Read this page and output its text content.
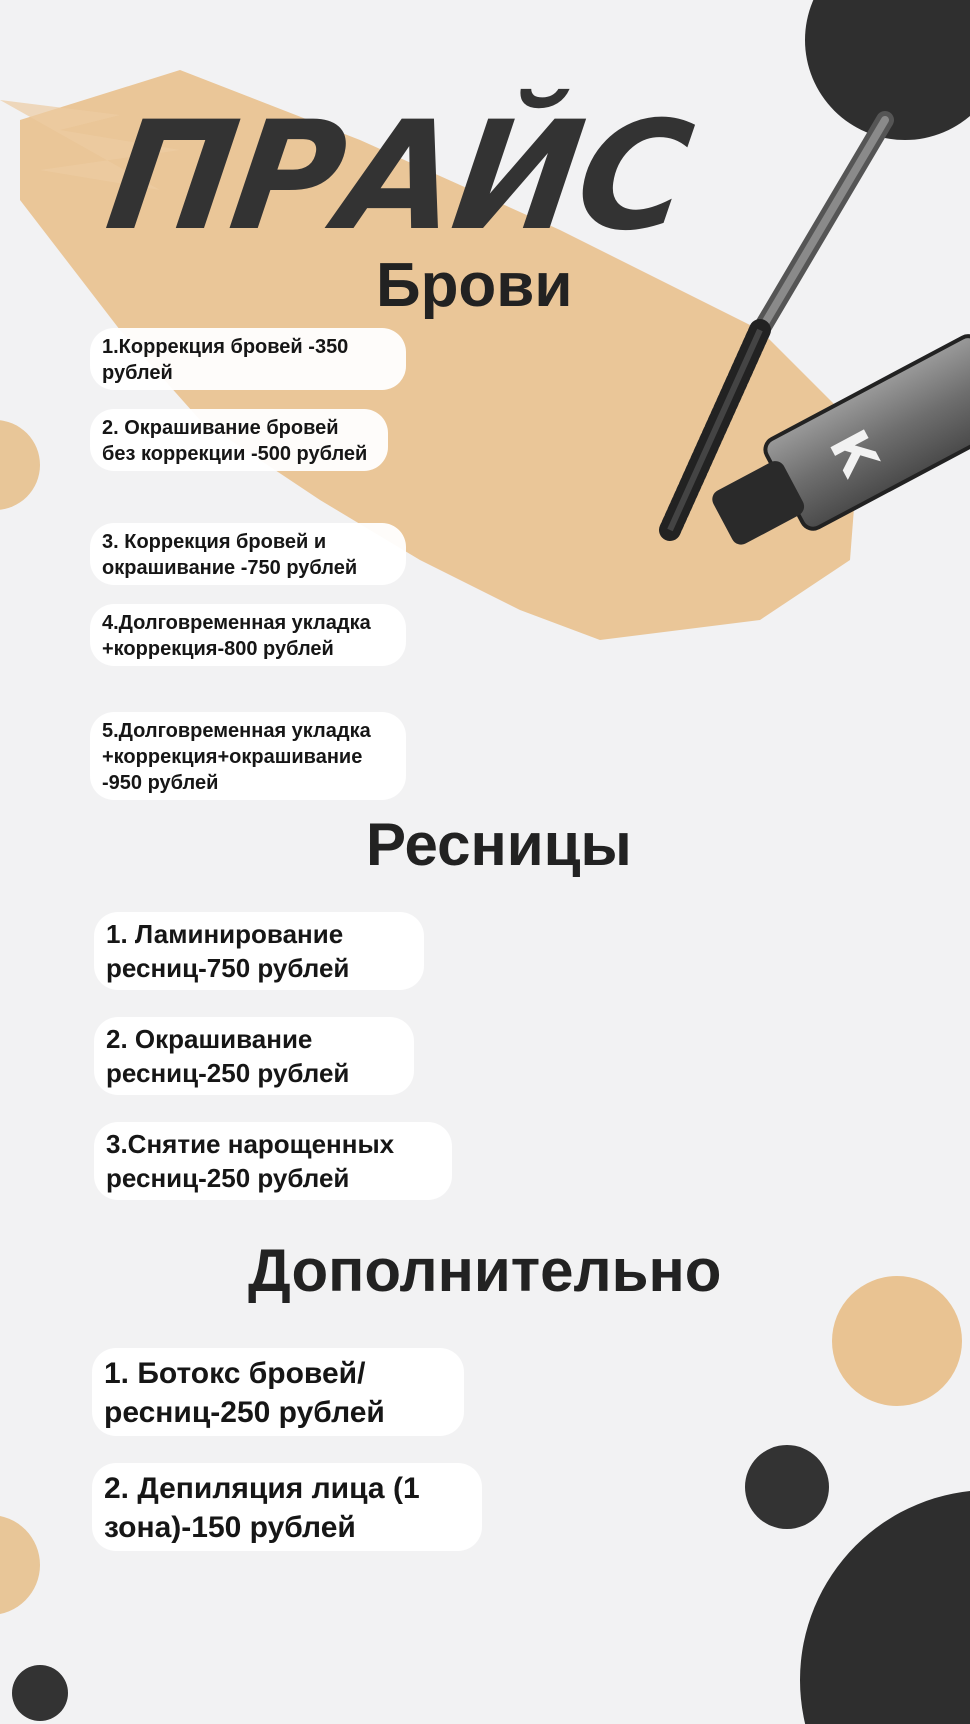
К
ПРАЙС
Брови
1.Коррекция бровей -350 рублей
2. Окрашивание бровей без коррекции -500 рублей
3. Коррекция бровей и окрашивание -750 рублей
4.Долговременная укладка +коррекция-800 рублей
5.Долговременная укладка +коррекция+окрашивание -950 рублей
Ресницы
1. Ламинирование ресниц-750 рублей
2. Окрашивание ресниц-250 рублей
3.Снятие нарощенных ресниц-250 рублей
Дополнительно
1. Ботокс бровей/ ресниц-250 рублей
2. Депиляция лица (1 зона)-150 рублей
